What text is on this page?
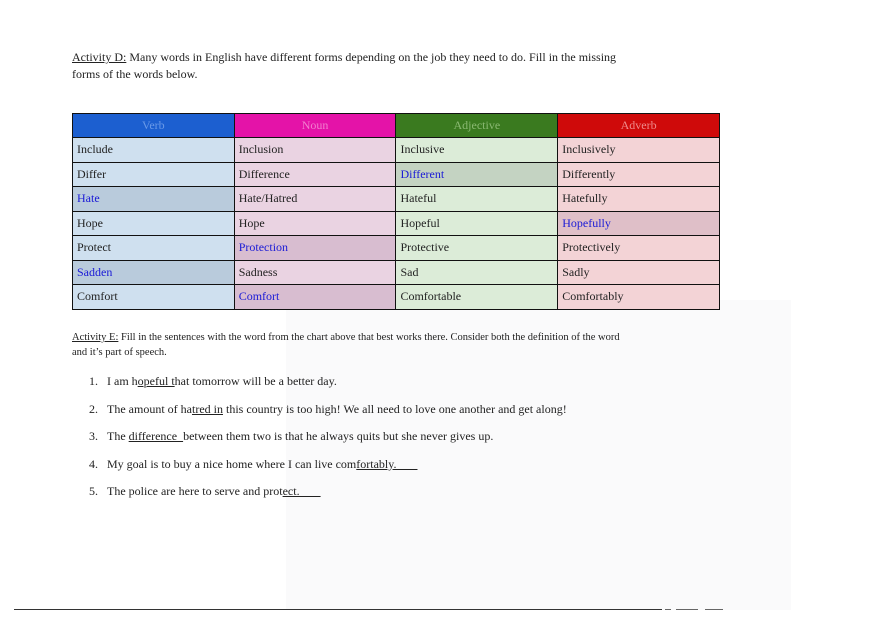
Activity D: Many words in English have different forms depending on the job they need to do. Fill in the missing forms of the words below.
Verb	Noun	Adjective	Adverb
Include	Inclusion	Inclusive	Inclusively
Differ	Difference	Different	Differently
Hate	Hate/Hatred	Hateful	Hatefully
Hope	Hope	Hopeful	Hopefully
Protect	Protection	Protective	Protectively
Sadden	Sadness	Sad	Sadly
Comfort	Comfort	Comfortable	Comfortably
Activity E: Fill in the sentences with the word from the chart above that best works there. Consider both the definition of the word and it’s part of speech.
1. I am hopeful that tomorrow will be a better day.
2. The amount of hatred in this country is too high! We all need to love one another and get along!
3. The difference  between them two is that he always quits but she never gives up.
4. My goal is to buy a nice home where I can live comfortably.
5. The police are here to serve and protect.
